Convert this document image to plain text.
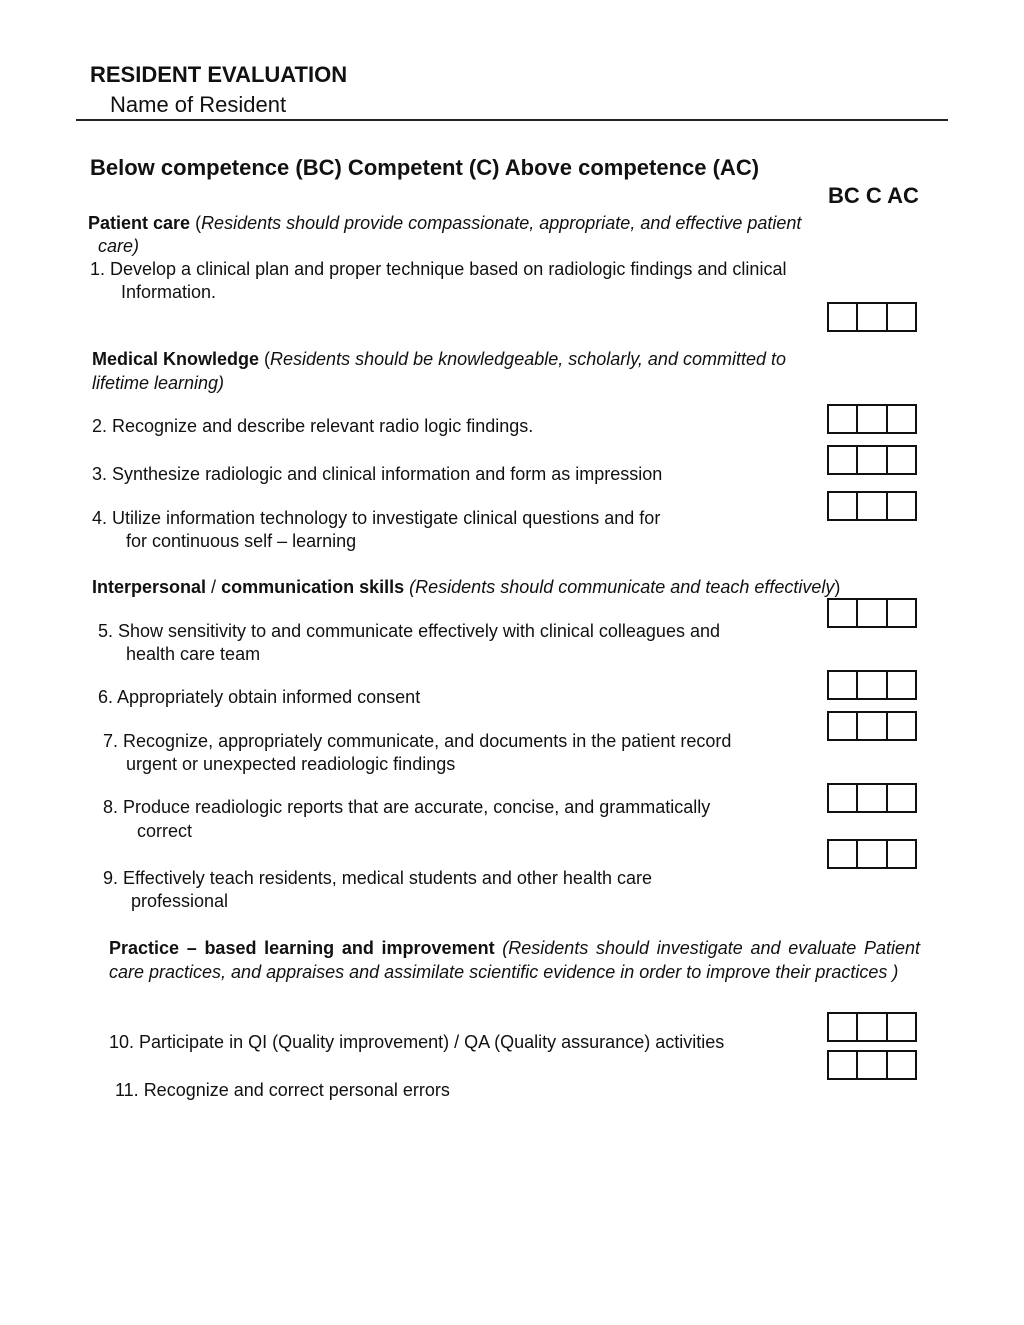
RESIDENT EVALUATION
Name of Resident
Below competence (BC) Competent (C) Above competence (AC)
BC C AC
Patient care (Residents should provide compassionate, appropriate, and effective patient
care)
1. Develop a clinical plan and proper technique based on radiologic findings and clinical
Information.
Medical Knowledge (Residents should be knowledgeable, scholarly, and committed to
lifetime learning)
2. Recognize and describe relevant radio logic findings.
3. Synthesize radiologic and clinical information and form as impression
4. Utilize information technology to investigate clinical questions and for
for continuous self – learning
Interpersonal / communication skills (Residents should communicate and teach effectively)
5. Show sensitivity to and communicate effectively with clinical colleagues and
health care team
6. Appropriately obtain informed consent
7. Recognize, appropriately communicate, and documents in the patient record
urgent or unexpected readiologic findings
8. Produce readiologic reports that are accurate, concise, and grammatically
correct
9. Effectively teach residents, medical students and other health care
professional
Practice – based learning and improvement (Residents should investigate and evaluate Patient care practices, and appraises and assimilate scientific evidence in order to improve their practices )
10. Participate in QI (Quality improvement) / QA (Quality assurance) activities
11. Recognize and correct personal errors
